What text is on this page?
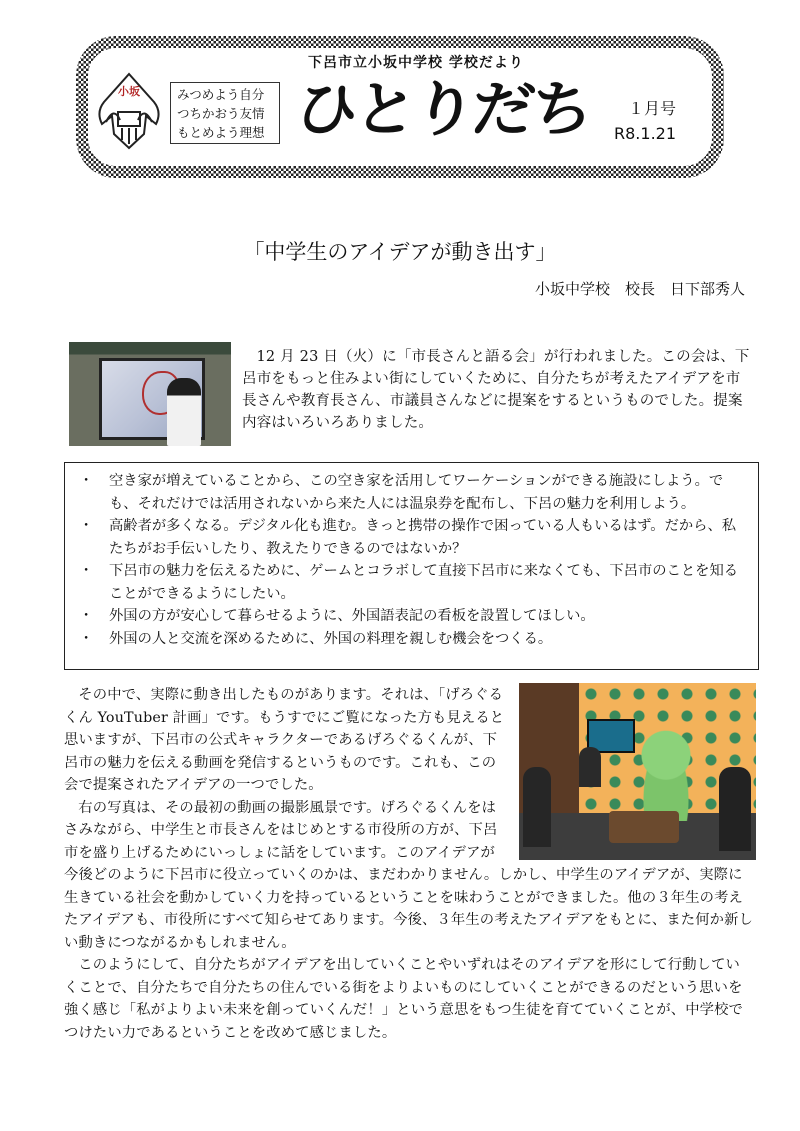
下呂市立小坂中学校 学校だより
小坂	みつめよう自分
つちかおう友情
もとめよう理想 ひとりだち １月号
R8.1.21
「中学生のアイデアが動き出す」
小坂中学校　校長　日下部秀人
12 月 23 日（火）に「市長さんと語る会」が行われました。この会は、下呂市をもっと住みよい街にしていくために、自分たちが考えたアイデアを市長さんや教育長さん、市議員さんなどに提案をするというものでした。提案内容はいろいろありました。
・ 空き家が増えていることから、この空き家を活用してワーケーションができる施設にしよう。でも、それだけでは活用されないから来た人には温泉券を配布し、下呂の魅力を利用しよう。
・ 高齢者が多くなる。デジタル化も進む。きっと携帯の操作で困っている人もいるはず。だから、私たちがお手伝いしたり、教えたりできるのではないか？
・ 下呂市の魅力を伝えるために、ゲームとコラボして直接下呂市に来なくても、下呂市のことを知ることができるようにしたい。
・ 外国の方が安心して暮らせるように、外国語表記の看板を設置してほしい。
・ 外国の人と交流を深めるために、外国の料理を親しむ機会をつくる。

その中で、実際に動き出したものがあります。それは、「げろぐるくん YouTuber 計画」です。もうすでにご覧になった方も見えると思いますが、下呂市の公式キャラクターであるげろぐるくんが、下呂市の魅力を伝える動画を発信するというものです。これも、この会で提案されたアイデアの一つでした。

右の写真は、その最初の動画の撮影風景です。げろぐるくんをはさみながら、中学生と市長さんをはじめとする市役所の方が、下呂市を盛り上げるためにいっしょに話をしています。このアイデアが今後どのように下呂市に役立っていくのかは、まだわかりません。しかし、中学生のアイデアが、実際に生きている社会を動かしていく力を持っているということを味わうことができました。他の３年生の考えたアイデアも、市役所にすべて知らせてあります。今後、３年生の考えたアイデアをもとに、また何か新しい動きにつながるかもしれません。

このようにして、自分たちがアイデアを出していくことやいずれはそのアイデアを形にして行動していくことで、自分たちで自分たちの住んでいる街をよりよいものにしていくことができるのだという思いを強く感じ「私がよりよい未来を創っていくんだ！」という意思をもつ生徒を育てていくことが、中学校でつけたい力であるということを改めて感じました。
